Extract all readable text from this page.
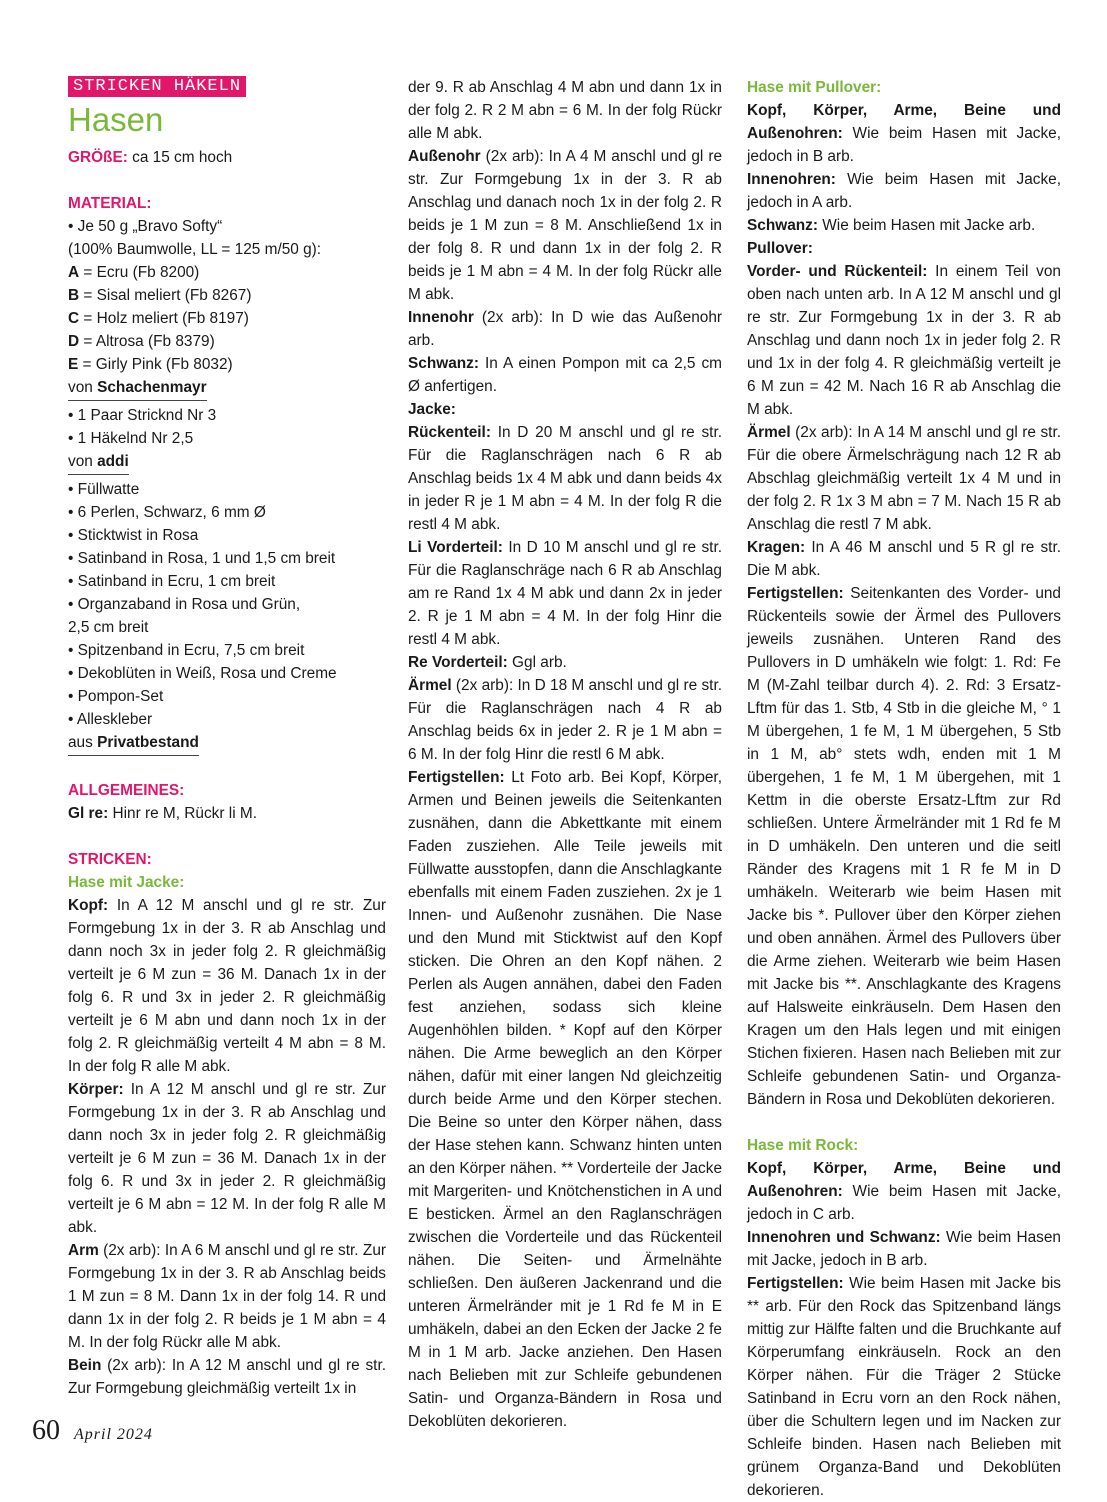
STRICKEN HÄKELN
Hasen

GRÖßE: ca 15 cm hoch

MATERIAL:

• Je 50 g „Bravo Softy“

(100% Baumwolle, LL = 125 m/50 g):

A = Ecru (Fb 8200)

B = Sisal meliert (Fb 8267)

C = Holz meliert (Fb 8197)

D = Altrosa (Fb 8379)

E = Girly Pink (Fb 8032)

von Schachenmayr

• 1 Paar Stricknd Nr 3

• 1 Häkelnd Nr 2,5

von addi

• Füllwatte

• 6 Perlen, Schwarz, 6 mm Ø

• Sticktwist in Rosa

• Satinband in Rosa, 1 und 1,5 cm breit

• Satinband in Ecru, 1 cm breit

• Organzaband in Rosa und Grün,

2,5 cm breit

• Spitzenband in Ecru, 7,5 cm breit

• Dekoblüten in Weiß, Rosa und Creme

• Pompon-Set

• Alleskleber

aus Privatbestand

ALLGEMEINES:

Gl re: Hinr re M, Rückr li M.

STRICKEN:

Hase mit Jacke:

Kopf: In A 12 M anschl und gl re str. Zur Formgebung 1x in der 3. R ab Anschlag und dann noch 3x in jeder folg 2. R gleichmäßig verteilt je 6 M zun = 36 M. Danach 1x in der folg 6. R und 3x in jeder 2. R gleichmäßig verteilt je 6 M abn und dann noch 1x in der folg 2. R gleichmäßig verteilt 4 M abn = 8 M. In der folg R alle M abk.

Körper: In A 12 M anschl und gl re str. Zur Formgebung 1x in der 3. R ab Anschlag und dann noch 3x in jeder folg 2. R gleichmäßig verteilt je 6 M zun = 36 M. Danach 1x in der folg 6. R und 3x in jeder 2. R gleichmäßig verteilt je 6 M abn = 12 M. In der folg R alle M abk.

Arm (2x arb): In A 6 M anschl und gl re str. Zur Formgebung 1x in der 3. R ab Anschlag beids 1 M zun = 8 M. Dann 1x in der folg 14. R und dann 1x in der folg 2. R beids je 1 M abn = 4 M. In der folg Rückr alle M abk.

Bein (2x arb): In A 12 M anschl und gl re str. Zur Formgebung gleichmäßig verteilt 1x in

der 9. R ab Anschlag 4 M abn und dann 1x in der folg 2. R 2 M abn = 6 M. In der folg Rückr alle M abk.

Außenohr (2x arb): In A 4 M anschl und gl re str. Zur Formgebung 1x in der 3. R ab Anschlag und danach noch 1x in der folg 2. R beids je 1 M zun = 8 M. Anschließend 1x in der folg 8. R und dann 1x in der folg 2. R beids je 1 M abn = 4 M. In der folg Rückr alle M abk.

Innenohr (2x arb): In D wie das Außenohr arb.

Schwanz: In A einen Pompon mit ca 2,5 cm Ø anfertigen.

Jacke:

Rückenteil: In D 20 M anschl und gl re str. Für die Raglanschrägen nach 6 R ab Anschlag beids 1x 4 M abk und dann beids 4x in jeder R je 1 M abn = 4 M. In der folg R die restl 4 M abk.

Li Vorderteil: In D 10 M anschl und gl re str. Für die Raglanschräge nach 6 R ab Anschlag am re Rand 1x 4 M abk und dann 2x in jeder 2. R je 1 M abn = 4 M. In der folg Hinr die restl 4 M abk.

Re Vorderteil: Ggl arb.

Ärmel (2x arb): In D 18 M anschl und gl re str. Für die Raglanschrägen nach 4 R ab Anschlag beids 6x in jeder 2. R je 1 M abn = 6 M. In der folg Hinr die restl 6 M abk.

Fertigstellen: Lt Foto arb. Bei Kopf, Körper, Armen und Beinen jeweils die Seitenkanten zusnähen, dann die Abkettkante mit einem Faden zusziehen. Alle Teile jeweils mit Füllwatte ausstopfen, dann die Anschlagkante ebenfalls mit einem Faden zusziehen. 2x je 1 Innen- und Außenohr zusnähen. Die Nase und den Mund mit Sticktwist auf den Kopf sticken. Die Ohren an den Kopf nähen. 2 Perlen als Augen annähen, dabei den Faden fest anziehen, sodass sich kleine Augenhöhlen bilden. * Kopf auf den Körper nähen. Die Arme beweglich an den Körper nähen, dafür mit einer langen Nd gleichzeitig durch beide Arme und den Körper stechen. Die Beine so unter den Körper nähen, dass der Hase stehen kann. Schwanz hinten unten an den Körper nähen. ** Vorderteile der Jacke mit Margeriten- und Knötchenstichen in A und E besticken. Ärmel an den Raglanschrägen zwischen die Vorderteile und das Rückenteil nähen. Die Seiten- und Ärmelnähte schließen. Den äußeren Jackenrand und die unteren Ärmelränder mit je 1 Rd fe M in E umhäkeln, dabei an den Ecken der Jacke 2 fe M in 1 M arb. Jacke anziehen. Den Hasen nach Belieben mit zur Schleife gebundenen Satin- und Organza-Bändern in Rosa und Dekoblüten dekorieren.

Hase mit Pullover:

Kopf, Körper, Arme, Beine und Außenohren: Wie beim Hasen mit Jacke, jedoch in B arb.

Innenohren: Wie beim Hasen mit Jacke, jedoch in A arb.

Schwanz: Wie beim Hasen mit Jacke arb.

Pullover:

Vorder- und Rückenteil: In einem Teil von oben nach unten arb. In A 12 M anschl und gl re str. Zur Formgebung 1x in der 3. R ab Anschlag und dann noch 1x in jeder folg 2. R und 1x in der folg 4. R gleichmäßig verteilt je 6 M zun = 42 M. Nach 16 R ab Anschlag die M abk.

Ärmel (2x arb): In A 14 M anschl und gl re str. Für die obere Ärmelschrägung nach 12 R ab Abschlag gleichmäßig verteilt 1x 4 M und in der folg 2. R 1x 3 M abn = 7 M. Nach 15 R ab Anschlag die restl 7 M abk.

Kragen: In A 46 M anschl und 5 R gl re str. Die M abk.

Fertigstellen: Seitenkanten des Vorder- und Rückenteils sowie der Ärmel des Pullovers jeweils zusnähen. Unteren Rand des Pullovers in D umhäkeln wie folgt: 1. Rd: Fe M (M-Zahl teilbar durch 4). 2. Rd: 3 Ersatz-Lftm für das 1. Stb, 4 Stb in die gleiche M, ° 1 M übergehen, 1 fe M, 1 M übergehen, 5 Stb in 1 M, ab° stets wdh, enden mit 1 M übergehen, 1 fe M, 1 M übergehen, mit 1 Kettm in die oberste Ersatz-Lftm zur Rd schließen. Untere Ärmelränder mit 1 Rd fe M in D umhäkeln. Den unteren und die seitl Ränder des Kragens mit 1 R fe M in D umhäkeln. Weiterarb wie beim Hasen mit Jacke bis *. Pullover über den Körper ziehen und oben annähen. Ärmel des Pullovers über die Arme ziehen. Weiterarb wie beim Hasen mit Jacke bis **. Anschlagkante des Kragens auf Halsweite einkräuseln. Dem Hasen den Kragen um den Hals legen und mit einigen Stichen fixieren. Hasen nach Belieben mit zur Schleife gebundenen Satin- und Organza-Bändern in Rosa und Dekoblüten dekorieren.

Hase mit Rock:

Kopf, Körper, Arme, Beine und Außenohren: Wie beim Hasen mit Jacke, jedoch in C arb.

Innenohren und Schwanz: Wie beim Hasen mit Jacke, jedoch in B arb.

Fertigstellen: Wie beim Hasen mit Jacke bis ** arb. Für den Rock das Spitzenband längs mittig zur Hälfte falten und die Bruchkante auf Körperumfang einkräuseln. Rock an den Körper nähen. Für die Träger 2 Stücke Satinband in Ecru vorn an den Rock nähen, über die Schultern legen und im Nacken zur Schleife binden. Hasen nach Belieben mit grünem Organza-Band und Dekoblüten dekorieren.

60 April 2024
